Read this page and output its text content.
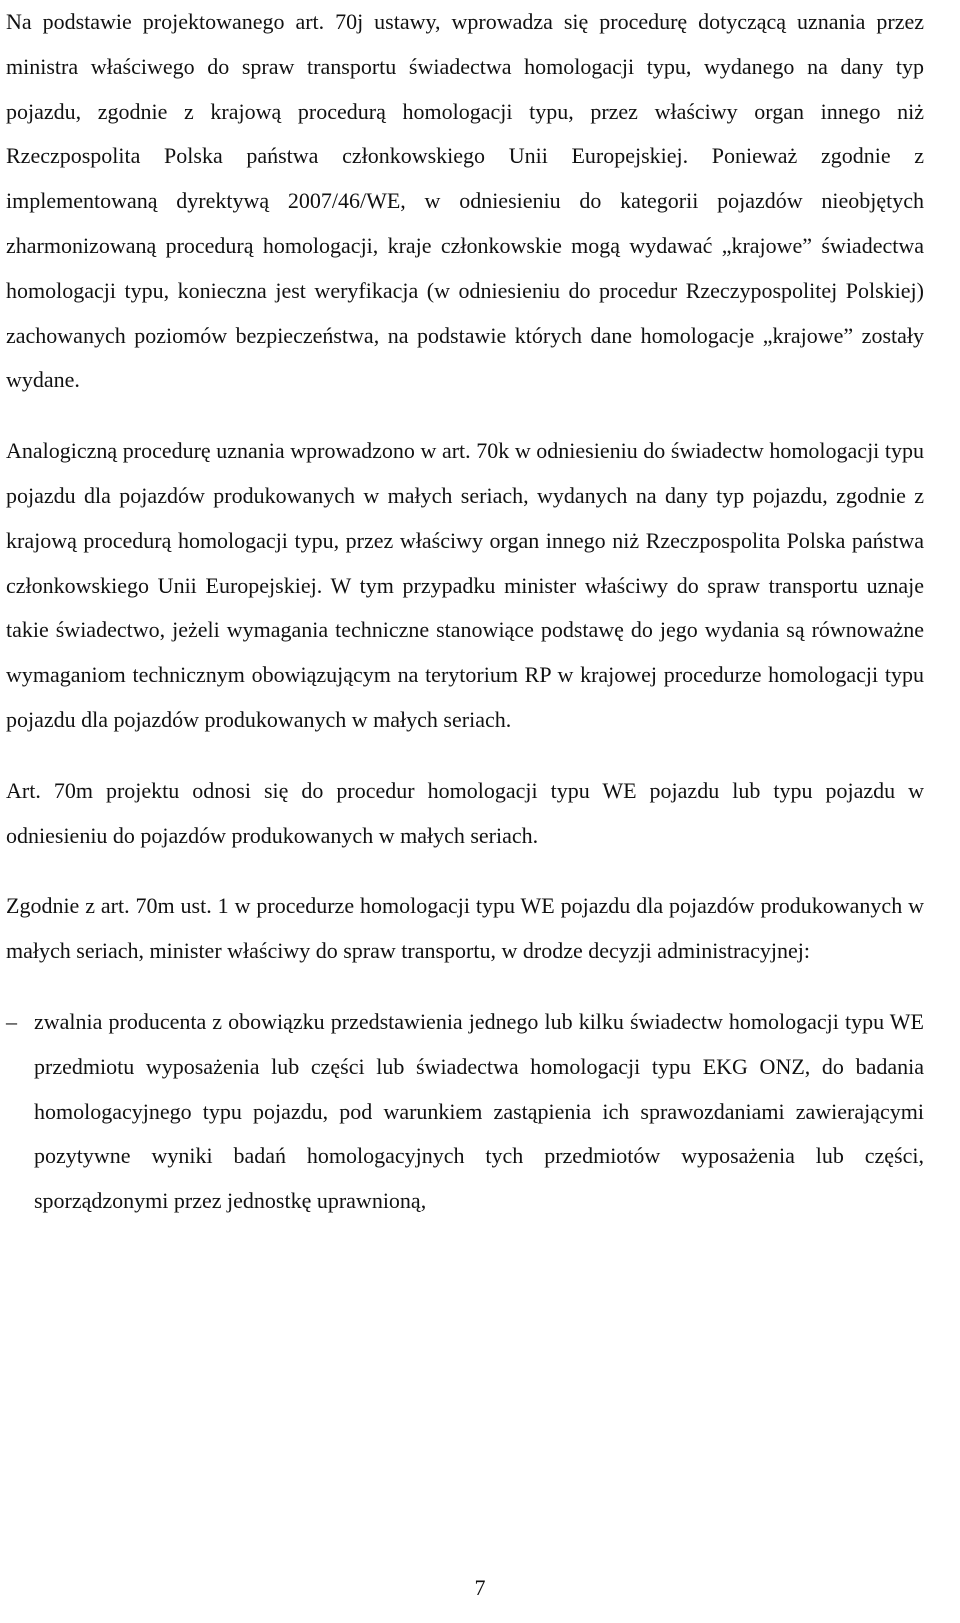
Na podstawie projektowanego art. 70j ustawy, wprowadza się procedurę dotyczącą uznania przez ministra właściwego do spraw transportu świadectwa homologacji typu, wydanego na dany typ pojazdu, zgodnie z krajową procedurą homologacji typu, przez właściwy organ innego niż Rzeczpospolita Polska państwa członkowskiego Unii Europejskiej. Ponieważ zgodnie z implementowaną dyrektywą 2007/46/WE, w odniesieniu do kategorii pojazdów nieobjętych zharmonizowaną procedurą homologacji, kraje członkowskie mogą wydawać „krajowe” świadectwa homologacji typu, konieczna jest weryfikacja (w odniesieniu do procedur Rzeczypospolitej Polskiej) zachowanych poziomów bezpieczeństwa, na podstawie których dane homologacje „krajowe” zostały wydane.

Analogiczną procedurę uznania wprowadzono w art. 70k w odniesieniu do świadectw homologacji typu pojazdu dla pojazdów produkowanych w małych seriach, wydanych na dany typ pojazdu, zgodnie z krajową procedurą homologacji typu, przez właściwy organ innego niż Rzeczpospolita Polska państwa członkowskiego Unii Europejskiej. W tym przypadku minister właściwy do spraw transportu uznaje takie świadectwo, jeżeli wymagania techniczne stanowiące podstawę do jego wydania są równoważne wymaganiom technicznym obowiązującym na terytorium RP w krajowej procedurze homologacji typu pojazdu dla pojazdów produkowanych w małych seriach.

Art. 70m projektu odnosi się do procedur homologacji typu WE pojazdu lub typu pojazdu w odniesieniu do pojazdów produkowanych w małych seriach.

Zgodnie z art. 70m ust. 1 w procedurze homologacji typu WE pojazdu dla pojazdów produkowanych w małych seriach, minister właściwy do spraw transportu, w drodze decyzji administracyjnej:

– zwalnia producenta z obowiązku przedstawienia jednego lub kilku świadectw homologacji typu WE przedmiotu wyposażenia lub części lub świadectwa homologacji typu EKG ONZ, do badania homologacyjnego typu pojazdu, pod warunkiem zastąpienia ich sprawozdaniami zawierającymi pozytywne wyniki badań homologacyjnych tych przedmiotów wyposażenia lub części, sporządzonymi przez jednostkę uprawnioną,
7
